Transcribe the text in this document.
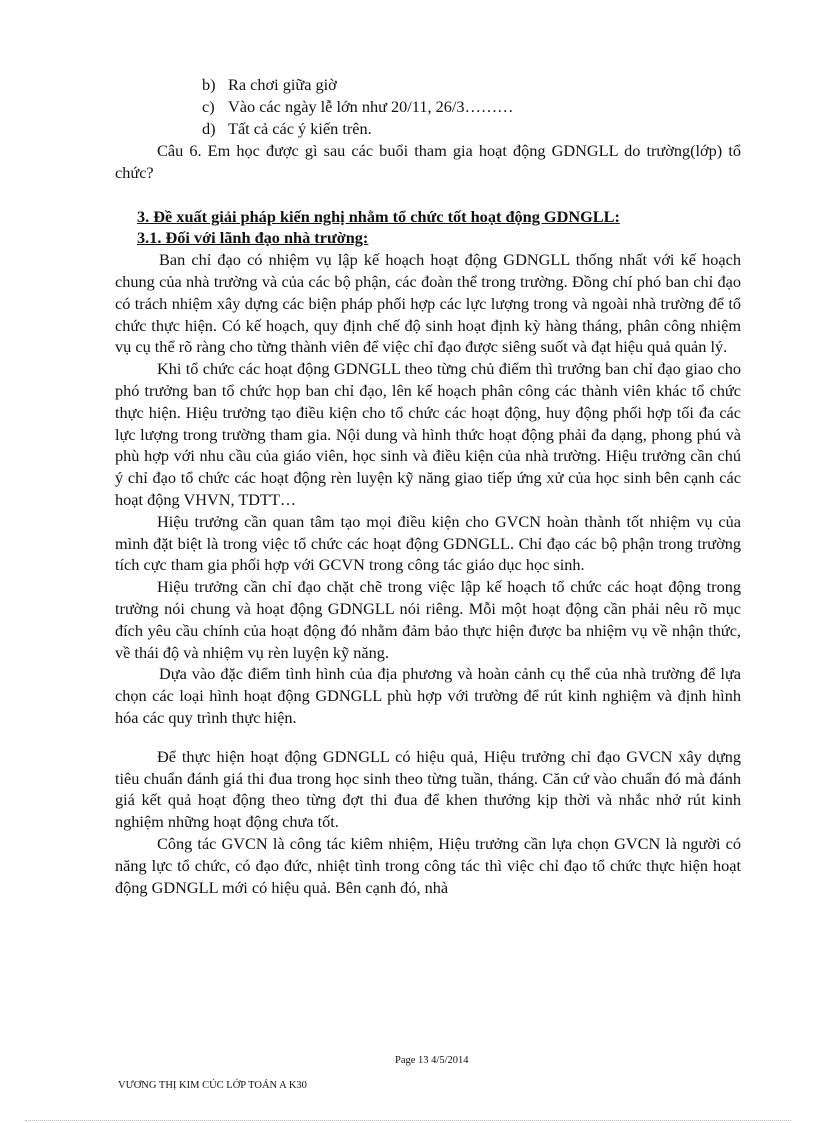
b) Ra chơi giữa giờ
c) Vào các ngày lễ lớn như 20/11, 26/3………
d) Tất cả các ý kiến trên.

Câu 6. Em học được gì sau các buổi tham gia hoạt động GDNGLL do trường(lớp) tổ chức?

3. Đề xuất giải pháp kiến nghị nhằm tổ chức tốt hoạt động GDNGLL:
3.1. Đối với lãnh đạo nhà trường:

Ban chỉ đạo có nhiệm vụ lập kế hoạch hoạt động GDNGLL thống nhất với kế hoạch chung của nhà trường và của các bộ phận, các đoàn thể trong trường. Đồng chí phó ban chỉ đạo có trách nhiệm xây dựng các biện pháp phối hợp các lực lượng trong và ngoài nhà trường để tổ chức thực hiện. Có kế hoạch, quy định chế độ sinh hoạt định kỳ hàng tháng, phân công nhiệm vụ cụ thể rõ ràng cho từng thành viên để việc chỉ đạo được siêng suốt và đạt hiệu quả quản lý.

Khi tổ chức các hoạt động GDNGLL theo từng chủ điểm thì trưởng ban chỉ đạo giao cho phó trưởng ban tổ chức họp ban chỉ đạo, lên kế hoạch phân công các thành viên khác tổ chức thực hiện. Hiệu trưởng tạo điều kiện cho tổ chức các hoạt động, huy động phối hợp tối đa các lực lượng trong trường tham gia. Nội dung và hình thức hoạt động phải đa dạng, phong phú và phù hợp với nhu cầu của giáo viên, học sinh và điều kiện của nhà trường. Hiệu trưởng cần chú ý chỉ đạo tổ chức các hoạt động rèn luyện kỹ năng giao tiếp ứng xử của học sinh bên cạnh các hoạt động VHVN, TDTT…

Hiệu trưởng cần quan tâm tạo mọi điều kiện cho GVCN hoàn thành tốt nhiệm vụ của mình đặt biệt là trong việc tổ chức các hoạt động GDNGLL. Chỉ đạo các bộ phận trong trường tích cực tham gia phối hợp với GCVN trong công tác giáo dục học sinh.

Hiệu trưởng cần chỉ đạo chặt chẽ trong việc lập kế hoạch tổ chức các hoạt động trong trường nói chung và hoạt động GDNGLL nói riêng. Mỗi một hoạt động cần phải nêu rõ mục đích yêu cầu chính của hoạt động đó nhằm đảm bảo thực hiện được ba nhiệm vụ về nhận thức, về thái độ và nhiệm vụ rèn luyện kỹ năng.

Dựa vào đặc điểm tình hình của địa phương và hoàn cảnh cụ thể của nhà trường để lựa chọn các loại hình hoạt động GDNGLL phù hợp với trường để rút kinh nghiệm và định hình hóa các quy trình thực hiện.

Để thực hiện hoạt động GDNGLL có hiệu quả, Hiệu trưởng chỉ đạo GVCN xây dựng tiêu chuẩn đánh giá thi đua trong học sinh theo từng tuần, tháng. Căn cứ vào chuẩn đó mà đánh giá kết quả hoạt động theo từng đợt thi đua để khen thưởng kịp thời và nhắc nhở rút kinh nghiệm những hoạt động chưa tốt.

Công tác GVCN là công tác kiêm nhiệm, Hiệu trưởng cần lựa chọn GVCN là người có năng lực tổ chức, có đạo đức, nhiệt tình trong công tác thì việc chỉ đạo tổ chức thực hiện hoạt động GDNGLL mới có hiệu quả. Bên cạnh đó, nhà

Page 13 4/5/2014
VƯƠNG THỊ KIM CÚC LỚP TOÁN A K30
